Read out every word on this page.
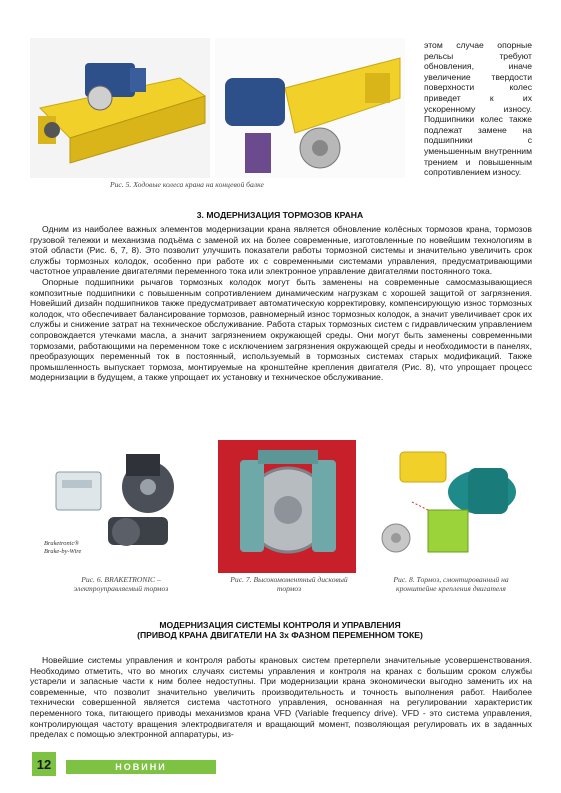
Рис. 5. Ходовые колеса крана на концевой балке
этом случае опорные рельсы требуют обновления, иначе увеличение твердости поверхности колес приведет к их ускоренному износу. Подшипники колес также подлежат замене на подшипники с уменьшенным внутренним трением и повышенным сопротивлением износу.
3. МОДЕРНИЗАЦИЯ ТОРМОЗОВ КРАНА

Одним из наиболее важных элементов модернизации крана является обновление колёсных тормозов крана, тормозов грузовой тележки и механизма подъёма с заменой их на более современные, изготовленные по новейшим технологиям в этой области (Рис. 6, 7, 8). Это позволит улучшить показатели работы тормозной системы и значительно увеличить срок службы тормозных колодок, особенно при работе их с современными системами управления, предусматривающими частотное управление двигателями переменного тока или электронное управление двигателями постоянного тока.

Опорные подшипники рычагов тормозных колодок могут быть заменены на современные самосмазывающиеся композитные подшипники с повышенным сопротивлением динамическим нагрузкам с хорошей защитой от загрязнения. Новейший дизайн подшипников также предусматривает автоматическую корректировку, компенсирующую износ тормозных колодок, что обеспечивает балансирование тормозов, равномерный износ тормозных колодок, а значит увеличивает срок их службы и снижение затрат на техническое обслуживание. Работа старых тормозных систем с гидравлическим управлением сопровождается утечками масла, а значит загрязнением окружающей среды. Они могут быть заменены современными тормозами, работающими на переменном токе с исключением загрязнения окружающей среды и необходимости в панелях, преобразующих переменный ток в постоянный, используемый в тормозных системах старых модификаций. Также промышленность выпускает тормоза, монтируемые на кронштейне крепления двигателя (Рис. 8), что упрощает процесс модернизации в будущем, а также упрощает их установку и техническое обслуживание.

Braketronic®
Brake-by-Wire
Рис. 6. BRAKETRONIC – электроуправляемый тормоз
Рис. 7. Высокомоментный дисковый тормоз
Рис. 8. Тормоз, смонтированный на кронштейне крепления двигателя
МОДЕРНИЗАЦИЯ СИСТЕМЫ КОНТРОЛЯ И УПРАВЛЕНИЯ
(ПРИВОД КРАНА ДВИГАТЕЛИ НА 3х ФАЗНОМ ПЕРЕМЕННОМ ТОКЕ)

Новейшие системы управления и контроля работы крановых систем претерпели значительные усовершенствования. Необходимо отметить, что во многих случаях системы управления и контроля на кранах с большим сроком службы устарели и запасные части к ним более недоступны. При модернизации крана экономически выгодно заменить их на современные, что позволит значительно увеличить производительность и точность выполнения работ. Наиболее технически совершенной является система частотного управления, основанная на регулировании характеристик переменного тока, питающего приводы механизмов крана VFD (Variable frequency drive). VFD - это система управления, контролирующая частоту вращения электродвигателя и вращающий момент, позволяющая регулировать их в заданных пределах с помощью электронной аппаратуры, из-

12	НОВИНИ
